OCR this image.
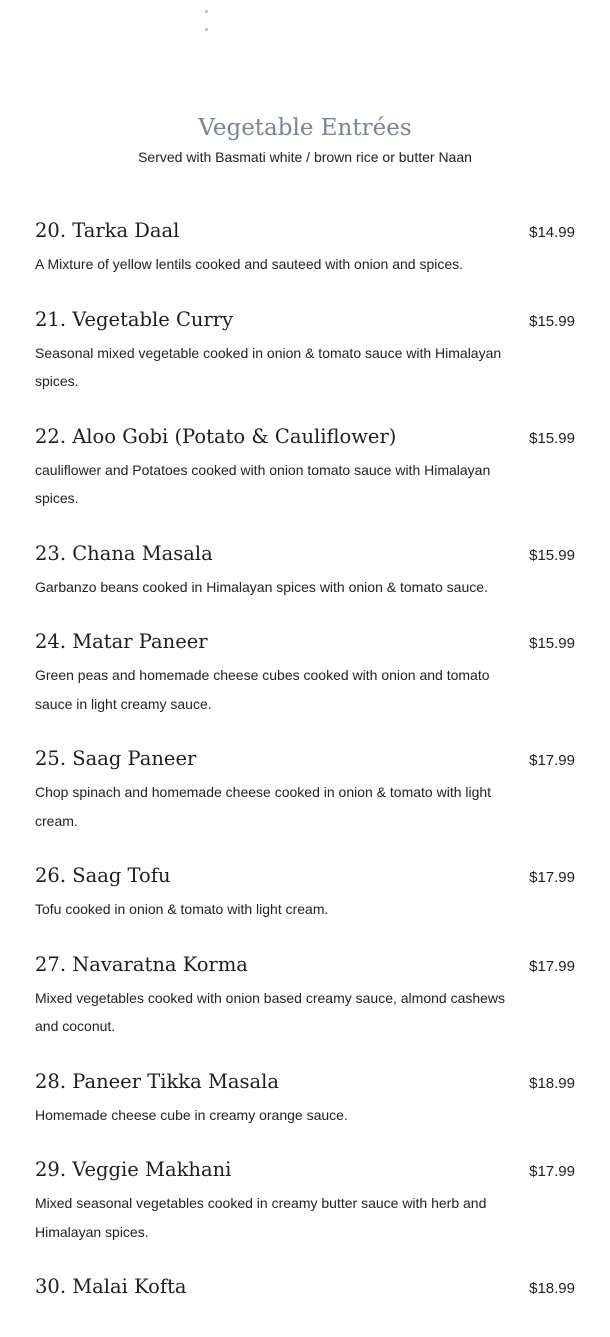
Vegetable Entrées
Served with Basmati white / brown rice or butter Naan
20. Tarka Daal	$14.99
A Mixture of yellow lentils cooked and sauteed with onion and spices.
21. Vegetable Curry	$15.99
Seasonal mixed vegetable cooked in onion & tomato sauce with Himalayan spices.
22. Aloo Gobi (Potato & Cauliflower)	$15.99
cauliflower and Potatoes cooked with onion tomato sauce with Himalayan spices.
23. Chana Masala	$15.99
Garbanzo beans cooked in Himalayan spices with onion & tomato sauce.
24. Matar Paneer	$15.99
Green peas and homemade cheese cubes cooked with onion and tomato sauce in light creamy sauce.
25. Saag Paneer	$17.99
Chop spinach and homemade cheese cooked in onion & tomato with light cream.
26. Saag Tofu	$17.99
Tofu cooked in onion & tomato with light cream.
27. Navaratna Korma	$17.99
Mixed vegetables cooked with onion based creamy sauce, almond cashews and coconut.
28. Paneer Tikka Masala	$18.99
Homemade cheese cube in creamy orange sauce.
29. Veggie Makhani	$17.99
Mixed seasonal vegetables cooked in creamy butter sauce with herb and Himalayan spices.
30. Malai Kofta	$18.99
